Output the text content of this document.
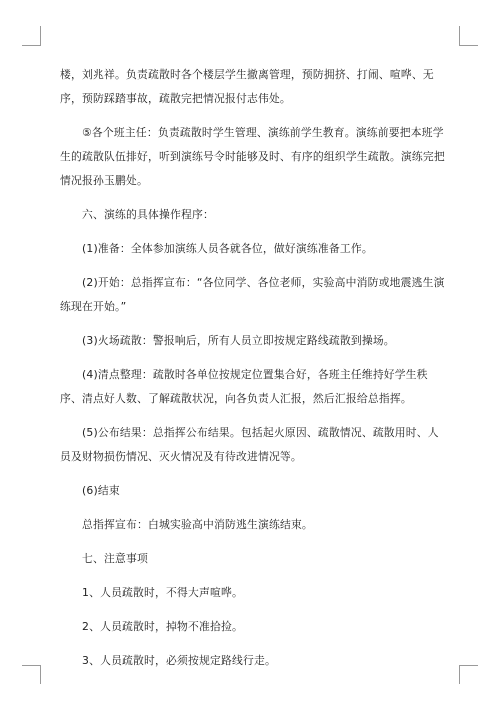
楼，刘兆祥。负责疏散时各个楼层学生撤离管理，预防拥挤、打闹、喧哗、无序，预防踩踏事故，疏散完把情况报付志伟处。

⑤各个班主任：负责疏散时学生管理、演练前学生教育。演练前要把本班学生的疏散队伍排好，听到演练号令时能够及时、有序的组织学生疏散。演练完把情况报孙玉鹏处。

六、演练的具体操作程序：

(1)准备：全体参加演练人员各就各位，做好演练准备工作。

(2)开始：总指挥宣布：“各位同学、各位老师，实验高中消防或地震逃生演练现在开始。”

(3)火场疏散：警报响后，所有人员立即按规定路线疏散到操场。

(4)清点整理：疏散时各单位按规定位置集合好，各班主任维持好学生秩序、清点好人数、了解疏散状况，向各负责人汇报，然后汇报给总指挥。

(5)公布结果：总指挥公布结果。包括起火原因、疏散情况、疏散用时、人员及财物损伤情况、灭火情况及有待改进情况等。

(6)结束

总指挥宣布：白城实验高中消防逃生演练结束。

七、注意事项

1、人员疏散时，不得大声喧哗。

2、人员疏散时，掉物不准拾捡。

3、人员疏散时，必须按规定路线行走。
